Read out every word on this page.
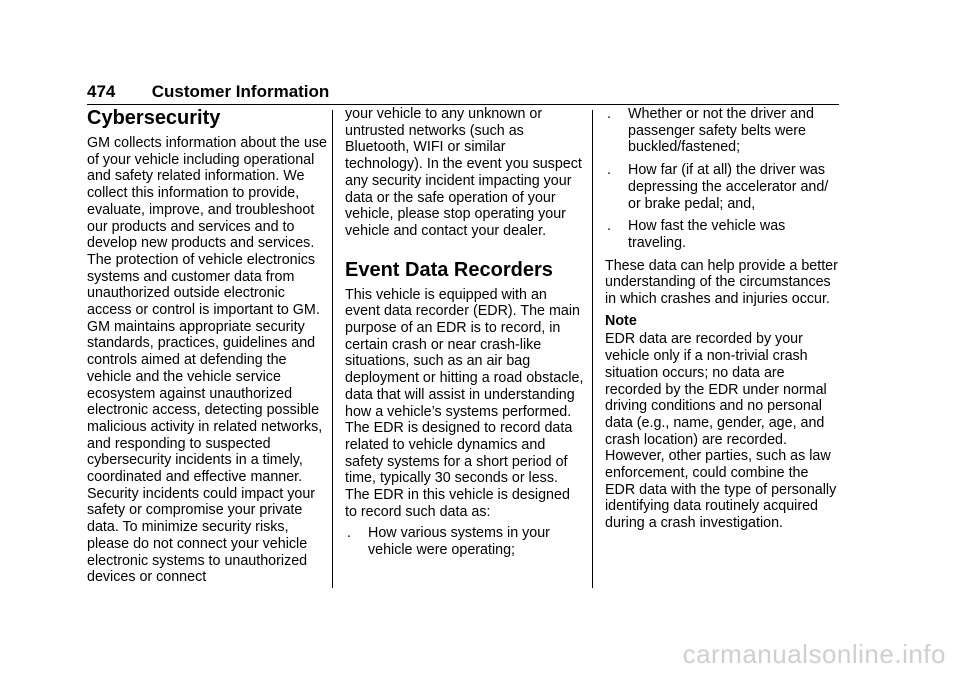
474 Customer Information
Cybersecurity

GM collects information about the use of your vehicle including operational and safety related information. We collect this information to provide, evaluate, improve, and troubleshoot our products and services and to develop new products and services. The protection of vehicle electronics systems and customer data from unauthorized outside electronic access or control is important to GM. GM maintains appropriate security standards, practices, guidelines and controls aimed at defending the vehicle and the vehicle service ecosystem against unauthorized electronic access, detecting possible malicious activity in related networks, and responding to suspected cybersecurity incidents in a timely, coordinated and effective manner. Security incidents could impact your safety or compromise your private data. To minimize security risks, please do not connect your vehicle electronic systems to unauthorized devices or connect

your vehicle to any unknown or untrusted networks (such as Bluetooth, WIFI or similar technology). In the event you suspect any security incident impacting your data or the safe operation of your vehicle, please stop operating your vehicle and contact your dealer.

Event Data Recorders

This vehicle is equipped with an event data recorder (EDR). The main purpose of an EDR is to record, in certain crash or near crash-like situations, such as an air bag deployment or hitting a road obstacle, data that will assist in understanding how a vehicle’s systems performed. The EDR is designed to record data related to vehicle dynamics and safety systems for a short period of time, typically 30 seconds or less. The EDR in this vehicle is designed to record such data as:

. How various systems in your vehicle were operating;
. Whether or not the driver and passenger safety belts were buckled/fastened;
. How far (if at all) the driver was depressing the accelerator and/ or brake pedal; and,
. How fast the vehicle was traveling.

These data can help provide a better understanding of the circumstances in which crashes and injuries occur.

Note

EDR data are recorded by your vehicle only if a non-trivial crash situation occurs; no data are recorded by the EDR under normal driving conditions and no personal data (e.g., name, gender, age, and crash location) are recorded. However, other parties, such as law enforcement, could combine the EDR data with the type of personally identifying data routinely acquired during a crash investigation.

carmanualsonline.info
